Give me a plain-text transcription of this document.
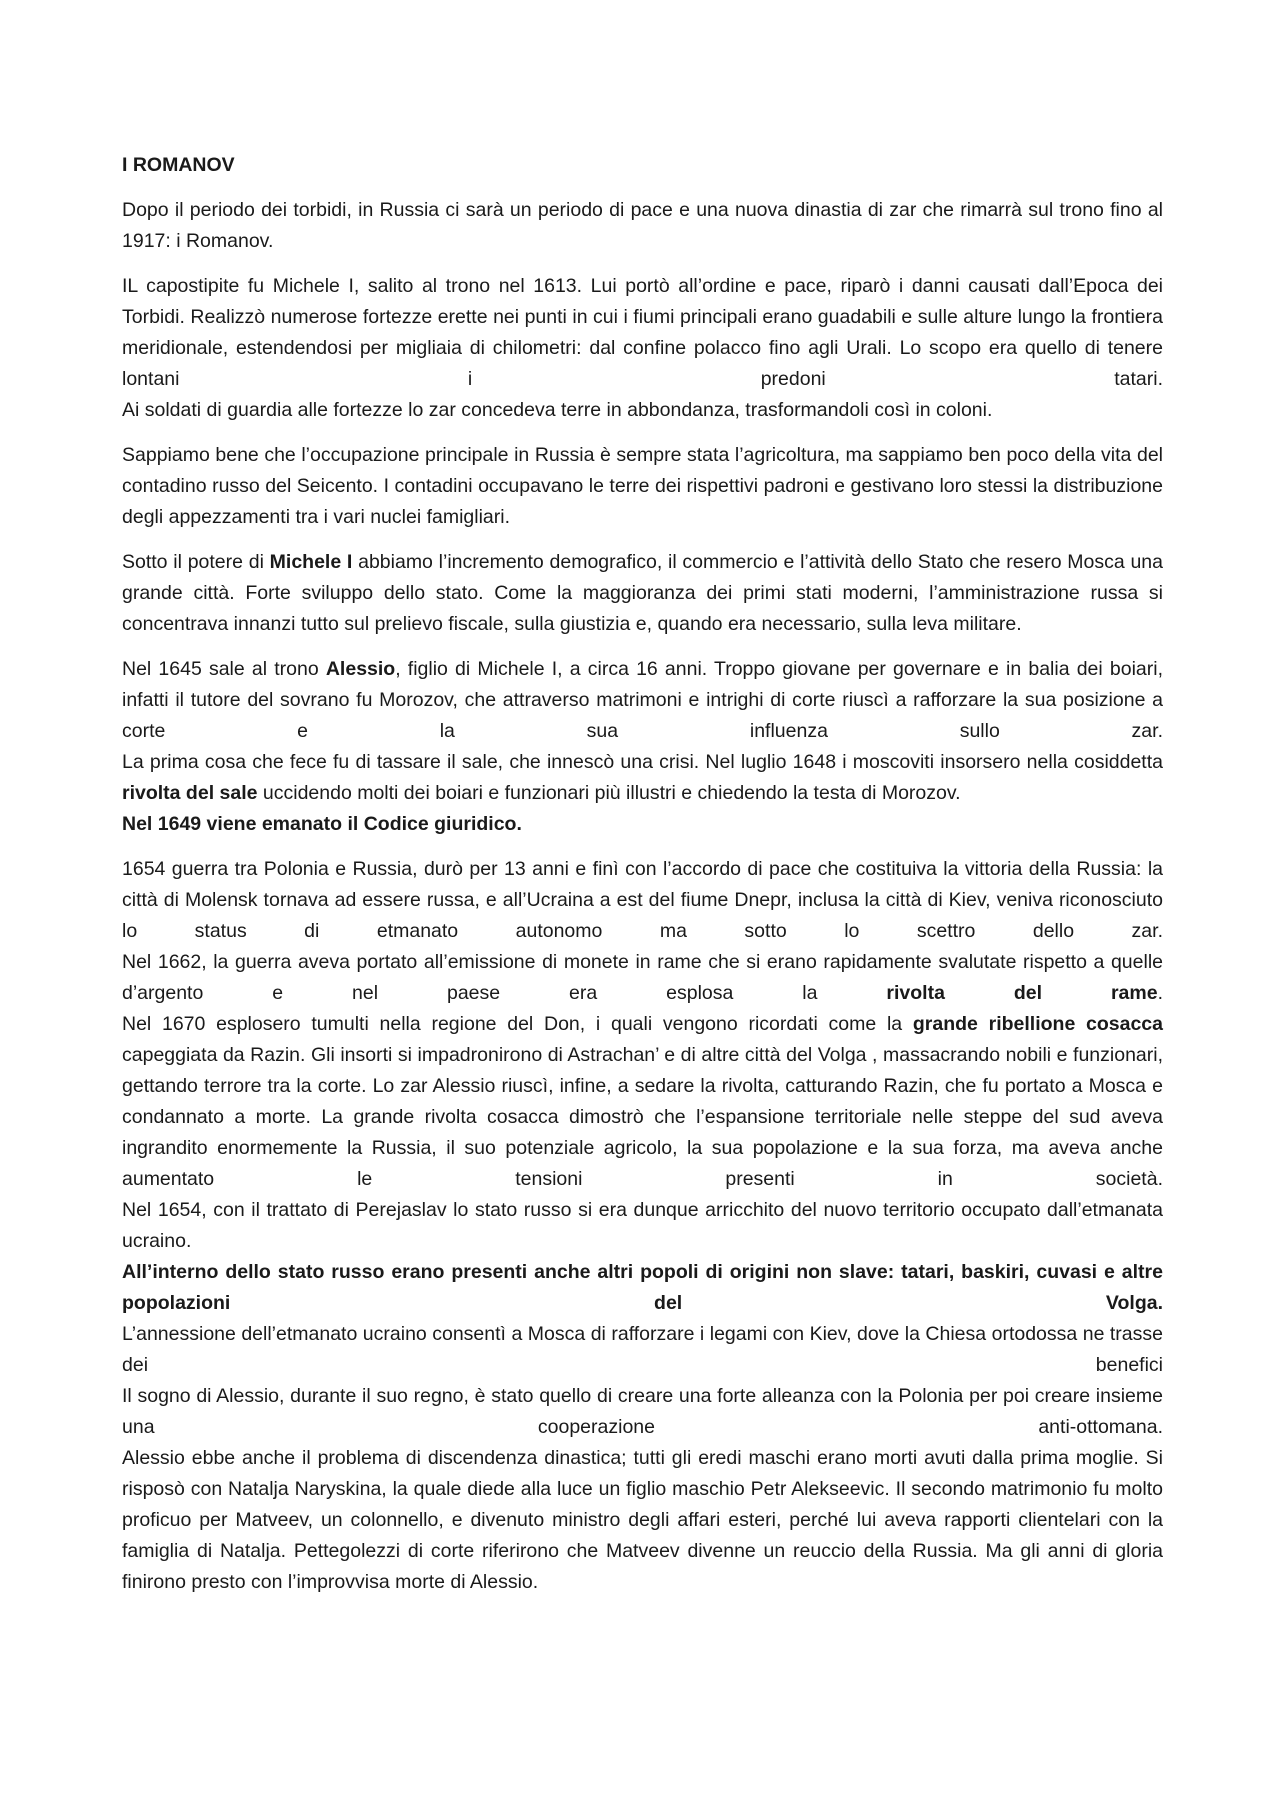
I ROMANOV

Dopo il periodo dei torbidi, in Russia ci sarà un periodo di pace e una nuova dinastia di zar che rimarrà sul trono fino al 1917: i Romanov.

IL capostipite fu Michele I, salito al trono nel 1613. Lui portò all’ordine e pace, riparò i danni causati dall’Epoca dei Torbidi. Realizzò numerose fortezze erette nei punti in cui i fiumi principali erano guadabili e sulle alture lungo la frontiera meridionale, estendendosi per migliaia di chilometri: dal confine polacco fino agli Urali. Lo scopo era quello di tenere lontani i predoni tatari.
Ai soldati di guardia alle fortezze lo zar concedeva terre in abbondanza, trasformandoli così in coloni.

Sappiamo bene che l’occupazione principale in Russia è sempre stata l’agricoltura, ma sappiamo ben poco della vita del contadino russo del Seicento. I contadini occupavano le terre dei rispettivi padroni e gestivano loro stessi la distribuzione degli appezzamenti tra i vari nuclei famigliari.

Sotto il potere di Michele I abbiamo l’incremento demografico, il commercio e l’attività dello Stato che resero Mosca una grande città. Forte sviluppo dello stato. Come la maggioranza dei primi stati moderni, l’amministrazione russa si concentrava innanzi tutto sul prelievo fiscale, sulla giustizia e, quando era necessario, sulla leva militare.

Nel 1645 sale al trono Alessio, figlio di Michele I, a circa 16 anni. Troppo giovane per governare e in balia dei boiari, infatti il tutore del sovrano fu Morozov, che attraverso matrimoni e intrighi di corte riuscì a rafforzare la sua posizione a corte e la sua influenza sullo zar.
La prima cosa che fece fu di tassare il sale, che innescò una crisi. Nel luglio 1648 i moscoviti insorsero nella cosiddetta rivolta del sale uccidendo molti dei boiari e funzionari più illustri e chiedendo la testa di Morozov.
Nel 1649 viene emanato il Codice giuridico.

1654 guerra tra Polonia e Russia, durò per 13 anni e finì con l’accordo di pace che costituiva la vittoria della Russia: la città di Molensk tornava ad essere russa, e all’Ucraina a est del fiume Dnepr, inclusa la città di Kiev, veniva riconosciuto lo status di etmanato autonomo ma sotto lo scettro dello zar.
Nel 1662, la guerra aveva portato all’emissione di monete in rame che si erano rapidamente svalutate rispetto a quelle d’argento e nel paese era esplosa la rivolta del rame.
Nel 1670 esplosero tumulti nella regione del Don, i quali vengono ricordati come la grande ribellione cosacca capeggiata da Razin. Gli insorti si impadronirono di Astrachan’ e di altre città del Volga , massacrando nobili e funzionari, gettando terrore tra la corte. Lo zar Alessio riuscì, infine, a sedare la rivolta, catturando Razin, che fu portato a Mosca e condannato a morte. La grande rivolta cosacca dimostrò che l’espansione territoriale nelle steppe del sud aveva ingrandito enormemente la Russia, il suo potenziale agricolo, la sua popolazione e la sua forza, ma aveva anche aumentato le tensioni presenti in società.
Nel 1654, con il trattato di Perejaslav lo stato russo si era dunque arricchito del nuovo territorio occupato dall’etmanata ucraino.
All’interno dello stato russo erano presenti anche altri popoli di origini non slave: tatari, baskiri, cuvasi e altre popolazioni del Volga.
L’annessione dell’etmanato ucraino consentì a Mosca di rafforzare i legami con Kiev, dove la Chiesa ortodossa ne trasse dei benefici
Il sogno di Alessio, durante il suo regno, è stato quello di creare una forte alleanza con la Polonia per poi creare insieme una cooperazione anti-ottomana.
Alessio ebbe anche il problema di discendenza dinastica; tutti gli eredi maschi erano morti avuti dalla prima moglie. Si risposò con Natalja Naryskina, la quale diede alla luce un figlio maschio Petr Alekseevic. Il secondo matrimonio fu molto proficuo per Matveev, un colonnello, e divenuto ministro degli affari esteri, perché lui aveva rapporti clientelari con la famiglia di Natalja. Pettegolezzi di corte riferirono che Matveev divenne un reuccio della Russia. Ma gli anni di gloria finirono presto con l’improvvisa morte di Alessio.
